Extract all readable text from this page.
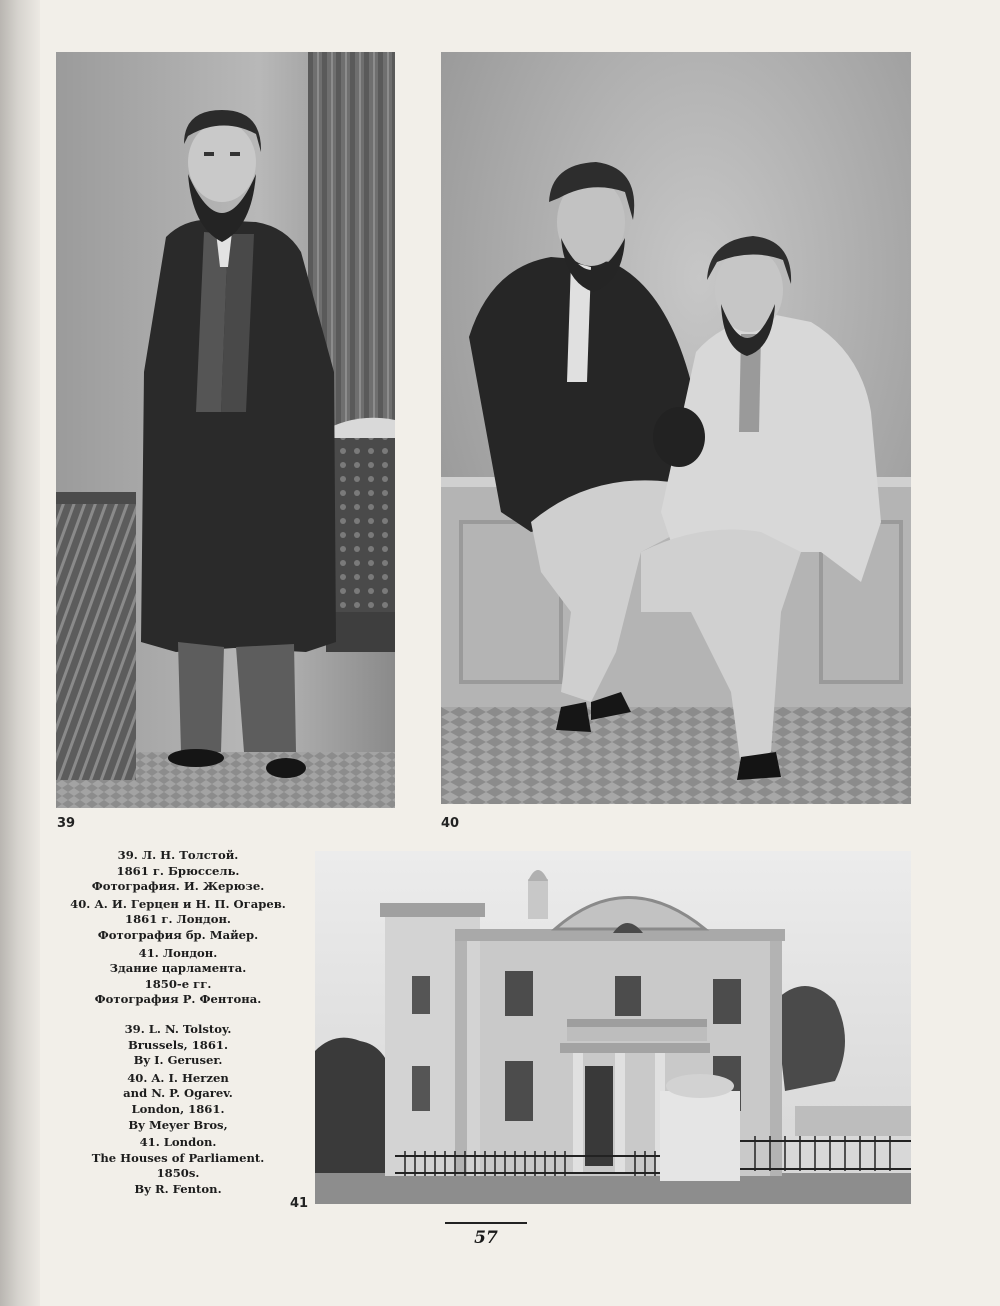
39	40
41

39. Л. Н. Толстой.
1861 г. Брюссель.
Фотография. И. Жерюзе.

40. А. И. Герцен и Н. П. Огарев.
1861 г. Лондон.
Фотография бр. Майер.

41. Лондон.
Здание царламента.
1850-е гг.
Фотография Р. Фентона.

39. L. N. Tolstoy.
Brussels, 1861.
By I. Geruser.

40. A. I. Herzen
and N. P. Ogarev.
London, 1861.
By Meyer Bros,

41. London.
The Houses of Parliament.
1850s.
By R. Fenton.

57
